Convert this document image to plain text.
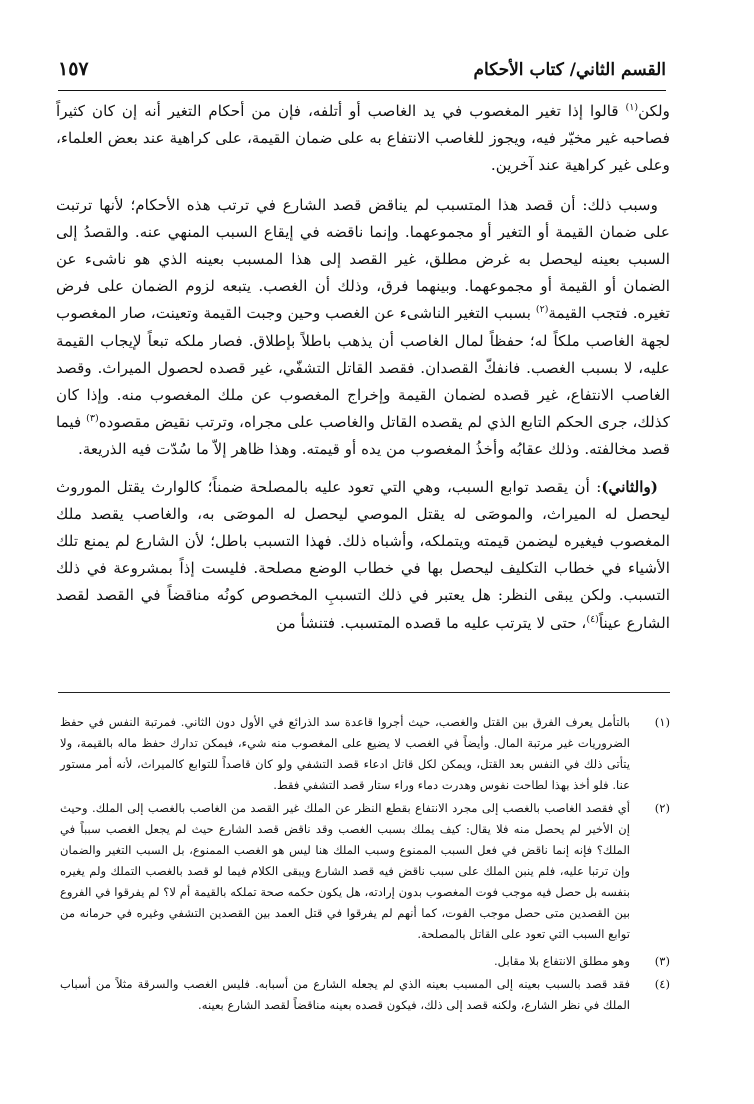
القسم الثاني/ كتاب الأحكام
١٥٧

ولكن$^{(١)}$ قالوا إذا تغير المغصوب في يد الغاصب أو أتلفه، فإن من أحكام التغير أنه إن كان كثيراً فصاحبه غير مخيّر فيه، ويجوز للغاصب الانتفاع به على ضمان القيمة، على كراهية عند بعض العلماء، وعلى غير كراهية عند آخرين.

وسبب ذلك: أن قصد هذا المتسبب لم يناقض قصد الشارع في ترتب هذه الأحكام؛ لأنها ترتبت على ضمان القيمة أو التغير أو مجموعهما. وإنما ناقضه في إيقاع السبب المنهي عنه. والقصدُ إلى السبب بعينه ليحصل به غرض مطلق، غير القصد إلى هذا المسبب بعينه الذي هو ناشىء عن الضمان أو القيمة أو مجموعهما. وبينهما فرق، وذلك أن الغصب. يتبعه لزوم الضمان على فرض تغيره. فتجب القيمة$^{(٢)}$ بسبب التغير الناشىء عن الغصب وحين وجبت القيمة وتعينت، صار المغصوب لجهة الغاصب ملكاً له؛ حفظاً لمال الغاصب أن يذهب باطلاً بإطلاق. فصار ملكه تبعاً لإيجاب القيمة عليه، لا بسبب الغصب. فانفكّ القصدان. فقصد القاتل التشفّي، غير قصده لحصول الميراث. وقصد الغاصب الانتفاع، غير قصده لضمان القيمة وإخراج المغصوب عن ملك المغصوب منه. وإذا كان كذلك، جرى الحكم التابع الذي لم يقصده القاتل والغاصب على مجراه، وترتب نقيض مقصوده$^{(٣)}$ فيما قصد مخالفته. وذلك عقابُه وأخذُ المغصوب من يده أو قيمته. وهذا ظاهر إلاّ ما سُدّت فيه الذريعة.

(والثاني): أن يقصد توابع السبب، وهي التي تعود عليه بالمصلحة ضمناً؛ كالوارث يقتل الموروث ليحصل له الميراث، والموصَى له يقتل الموصي ليحصل له الموصَى به، والغاصب يقصد ملك المغصوب فيغيره ليضمن قيمته ويتملكه، وأشباه ذلك. فهذا التسبب باطل؛ لأن الشارع لم يمنع تلك الأشياء في خطاب التكليف ليحصل بها في خطاب الوضع مصلحة. فليست إذاً بمشروعة في ذلك التسبب. ولكن يبقى النظر: هل يعتبر في ذلك التسببِ المخصوص كونُه مناقضاً في القصد لقصد الشارع عيناً$^{(٤)}$، حتى لا يترتب عليه ما قصده المتسبب. فتنشأ من

(١)
بالتأمل يعرف الفرق بين القتل والغصب، حيث أجروا قاعدة سد الذرائع في الأول دون الثاني. فمرتبة النفس في حفظ الضروريات غير مرتبة المال. وأيضاً في الغصب لا يضيع على المغصوب منه شيء، فيمكن تدارك حفظ ماله بالقيمة، ولا يتأتى ذلك في النفس بعد القتل، ويمكن لكل قاتل ادعاء قصد التشفي ولو كان قاصداً للتوابع كالميراث، لأنه أمر مستور عنا. فلو أخذ بهذا لطاحت نفوس وهدرت دماء وراء ستار قصد التشفي فقط.
(٢)
أي فقصد الغاصب بالغصب إلى مجرد الانتفاع بقطع النظر عن الملك غير القصد من الغاصب بالغصب إلى الملك. وحيث إن الأخير لم يحصل منه فلا يقال: كيف يملك بسبب الغصب وقد ناقض قصد الشارع حيث لم يجعل الغصب سبباً في الملك؟ فإنه إنما ناقض في فعل السبب الممنوع وسبب الملك هنا ليس هو الغصب الممنوع، بل السبب التغير والضمان وإن ترتبا عليه، فلم ينبن الملك على سبب ناقض فيه قصد الشارع ويبقى الكلام فيما لو قصد بالغصب التملك ولم يغيره بنفسه بل حصل فيه موجب فوت المغصوب بدون إرادته، هل يكون حكمه صحة تملكه بالقيمة أم لا؟ لم يفرقوا في الفروع بين القصدين متى حصل موجب الفوت، كما أنهم لم يفرقوا في قتل العمد بين القصدين التشفي وغيره في حرمانه من توابع السبب التي تعود على القاتل بالمصلحة.
(٣)
وهو مطلق الانتفاع بلا مقابل.
(٤)
فقد قصد بالسبب بعينه إلى المسبب بعينه الذي لم يجعله الشارع من أسبابه. فليس الغصب والسرقة مثلاً من أسباب الملك في نظر الشارع، ولكنه قصد إلى ذلك، فيكون قصده بعينه مناقضاً لقصد الشارع بعينه.
